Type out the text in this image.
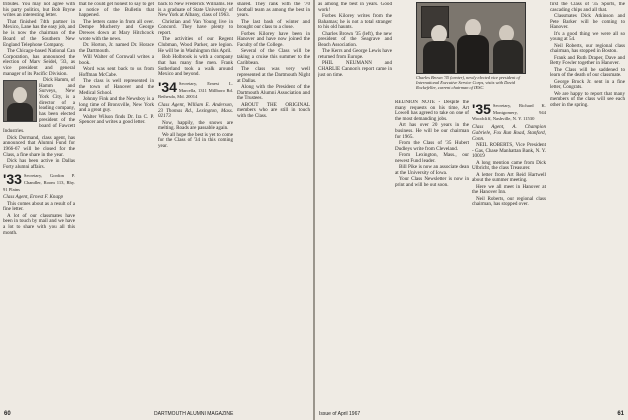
tributes. You may not agree with his party politics, but Bob Bryne writes an interesting letter.

That finished 74th partner in Mexico, Lane has the easy job, and he is now the chairman of the Board of the Southern New England Telephone Company.

The Chicago-based National Can Corporation, has announced the election of Marv Seidel, '33, as vice president and general manager of its Pacific Division.

Dick Hamm, of Hamm and Surveys, New York City, is a director of a leading company, has been elected president of the board of Fawcett Industries.

Dick Dormand, class agent, has announced that Alumni Fund for 1966-67 will be closed for the Class, a fine share in the year.

Dick has been active in Dallas Forty alumni affairs.

'33 Secretary, Gordon P. Chandler, Room 113, Rhy. 91 Plains

Class Agent, Ernest F. Knapp

This comes about as a result of a fine letter.

A lot of our classmates have been in touch by mail and we have a lot to share with you all this month.

that he could get honest to say to get a notice of the Bulletin that happened.

The letters came in from all over. Dempe Mucherry and George Drewes down at Mary Hitchcock wrote with the news.

Dr. Horton, Jr. named Dr. Horace the Dartmouth.

Will Walter of Cornwall writes a book.

Word was sent back to us from Hoffman McCabe.

The class is well represented in the town of Hanover and the Medical School.

Johnny Fink and the Newsboy is a long time of Bronxville, New York and a great guy.

Walter Wilson finds Dr. Ira C. P. Spencer and writes a good letter.

back to New Frederick Williams. He is a graduate of State University of New York at Albany, class of 1963.

Christian and Van Young live in Concord. They have plenty to report.

The activities of our Regent Clubman, Wood Parker, are legion. He will be in Washington this April.

Bob Holbrook is with a company that has many fine men. Frank Sutherland took a walk around Mexico and beyond.

'34 Secretary, Ernest L. Marcella, 1311 Millboro Rd. Bethesda, Md. 20014

Class Agent, William E. Anderson, 23 Thomas Rd., Lexington, Mass. 02173

Now, happily, the snows are melting. Roads are passable again.

We all hope the best is yet to come for the Class of '34 in this coming year.

shared. They rank with the '70 football team as among the best in years.

The last bash of winter and brought our class to a close.

Forbes Kilorey have been in Hanover and have now joined the Faculty of the College.

Several of the Class will be taking a cruise this summer to the Caribbean.

The class was very well represented at the Dartmouth Night at Dallas.

Along with the President of the Dartmouth Alumni Association and the Trustees.

ABOUT THE ORIGINAL members who are still in touch with the Class.

60	DARTMOUTH ALUMNI MAGAZINE

as among the best in years. Good work!

Forbes Kilorey writes from the Bahamas; he is not a total stranger to his old haunts.

Charles Brown '35 (left), the new president of the Seagrave and Beach Association.

The Kerrs and George Lewis have returned from Europe.

PHIL NEUMANN and CHARLIE Cannon's report came in just on time.	Charles Brown '35 (center), newly elected vice president of International Executive Service Corps, visits with David Rockefeller, current chairman of IESC.

REUNION NOTE - Despite the many requests on his time, Art Lowell has agreed to take on one of the most demanding jobs.

Art has over 20 years in the business. He will be our chairman for 1965.

From the Class of '35 Hubert Dudleys write from Cleveland.

From Lexington, Mass., our newest Fund leader.

Bill Pike is now an associate dean at the University of Iowa.

Your Class Newsletter is now in print and will be out soon.

'35 Secretary, Richard K. Montgomery, 944 Woodcliff, Nashville, N. Y. 11530

Class Agent, A. Champion Gabriele, Fox Run Road, Stanford, Conn.

NEIL ROBERTS, Vice President - Gas, Chase Manhattan Bank, N. Y. 10019

A long mention came from Dick Ulbricht, the class Treasurer.

A letter from Art Reid Hartwell about the summer meeting.

Here we all meet in Hanover at the Hanover Inn.

Neil Roberts, our regional class chairman, has stopped over.

first the Class of '35 Sports, the cascading chips and all that.

Classmates Dick Atkinson and Pete Barker will be coming to Hanover.

It's a good thing we were all so young at 54.

Neil Roberts, our regional class chairman, has stopped in Boston.

Frank and Ruth Draper, Dave and Betty Fowler together in Hanover.

The Class will be saddened to learn of the death of our classmate.

George Brock Jr. sent in a fine letter, Congrats.

We are happy to report that many members of the class will see each other in the spring.

Issue of April 1967	61
